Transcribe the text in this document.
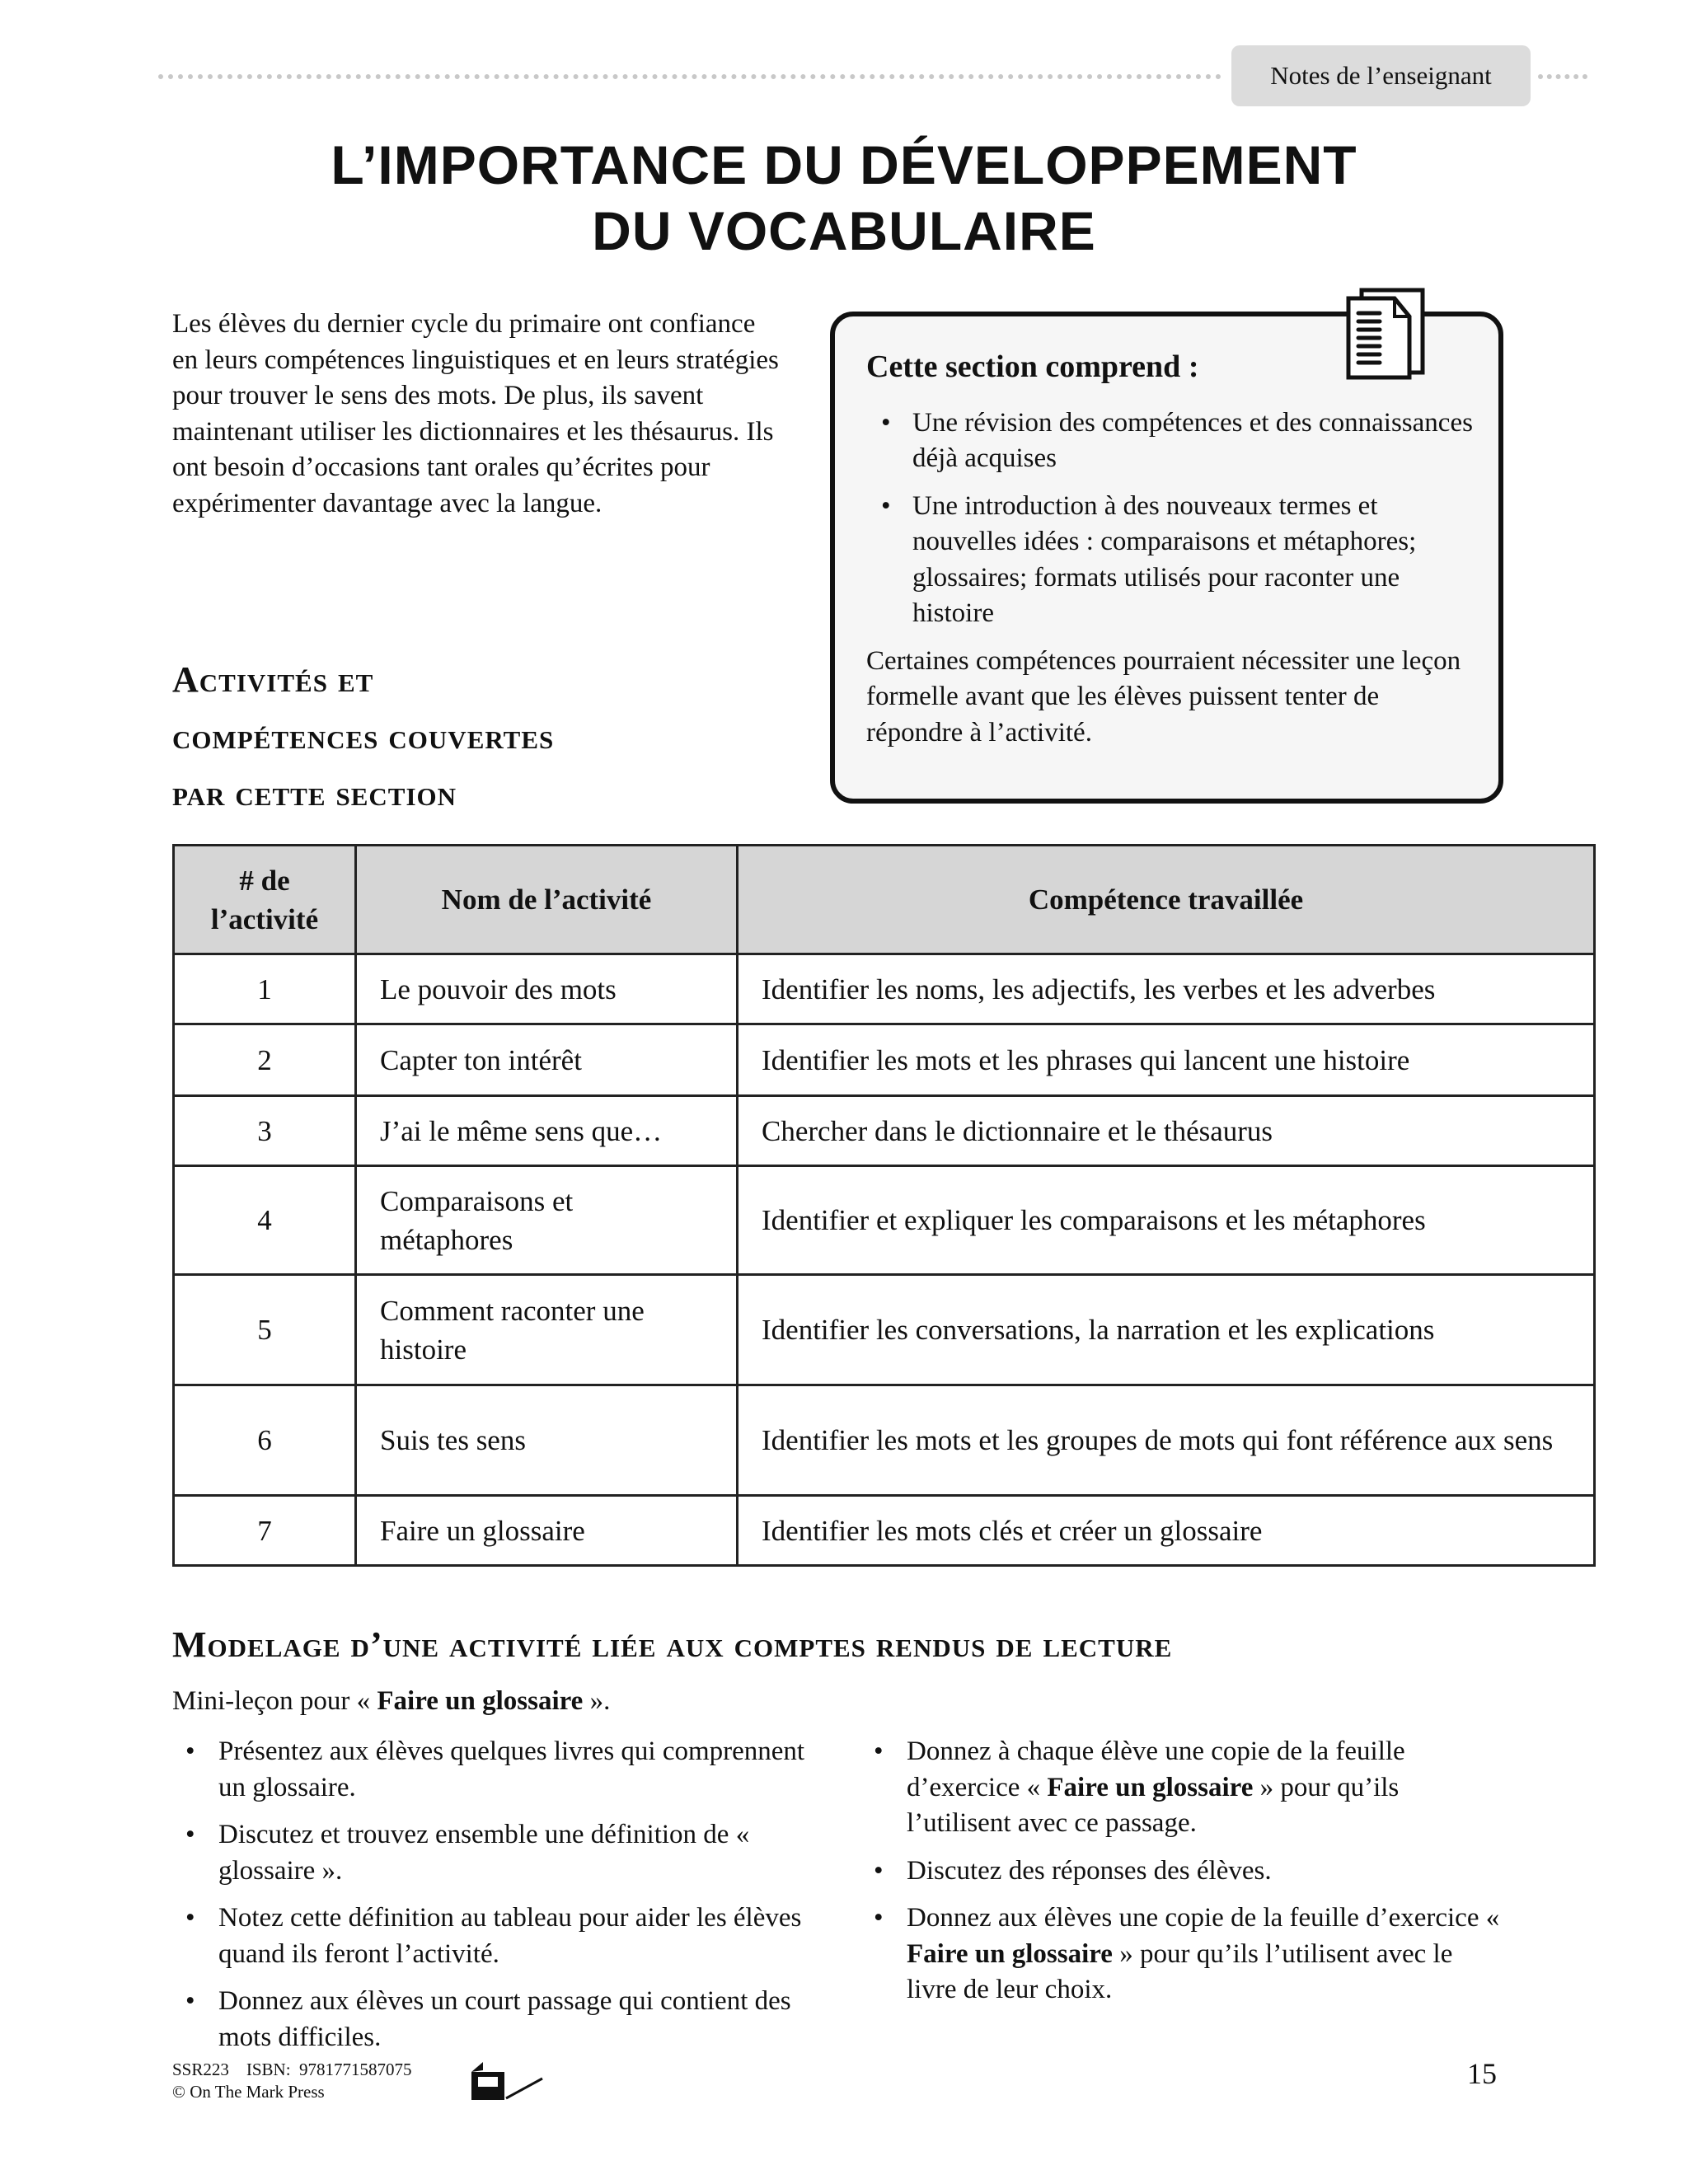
Notes de l’enseignant
L’IMPORTANCE DU DÉVELOPPEMENT
DU VOCABULAIRE
Les élèves du dernier cycle du primaire ont confiance en leurs compétences linguistiques et en leurs stratégies pour trouver le sens des mots. De plus, ils savent maintenant utiliser les dictionnaires et les thésaurus. Ils ont besoin d’occasions tant orales qu’écrites pour expérimenter davantage avec la langue.
Cette section comprend :
• Une révision des compétences et des connaissances déjà acquises
• Une introduction à des nouveaux termes et nouvelles idées : comparaisons et métaphores; glossaires; formats utilisés pour raconter une histoire

Certaines compétences pourraient nécessiter une leçon formelle avant que les élèves puissent tenter de répondre à l’activité.

Activités et
compétences couvertes
par cette section
# de l’activité	Nom de l’activité	Compétence travaillée
1	Le pouvoir des mots	Identifier les noms, les adjectifs, les verbes et les adverbes
2	Capter ton intérêt	Identifier les mots et les phrases qui lancent une histoire
3	J’ai le même sens que…	Chercher dans le dictionnaire et le thésaurus
4	Comparaisons et métaphores	Identifier et expliquer les comparaisons et les métaphores
5	Comment raconter une histoire	Identifier les conversations, la narration et les explications
6	Suis tes sens	Identifier les mots et les groupes de mots qui font référence aux sens
7	Faire un glossaire	Identifier les mots clés et créer un glossaire
Modelage d’une activité liée aux comptes rendus de lecture
Mini-leçon pour « Faire un glossaire ».
• Présentez aux élèves quelques livres qui comprennent un glossaire.
• Discutez et trouvez ensemble une définition de « glossaire ».
• Notez cette définition au tableau pour aider les élèves quand ils feront l’activité.
• Donnez aux élèves un court passage qui contient des mots difficiles.
• Donnez à chaque élève une copie de la feuille d’exercice « Faire un glossaire » pour qu’ils l’utilisent avec ce passage.
• Discutez des réponses des élèves.
• Donnez aux élèves une copie de la feuille d’exercice « Faire un glossaire » pour qu’ils l’utilisent avec le livre de leur choix.
SSR223    ISBN:  9781771587075
© On The Mark Press
15
